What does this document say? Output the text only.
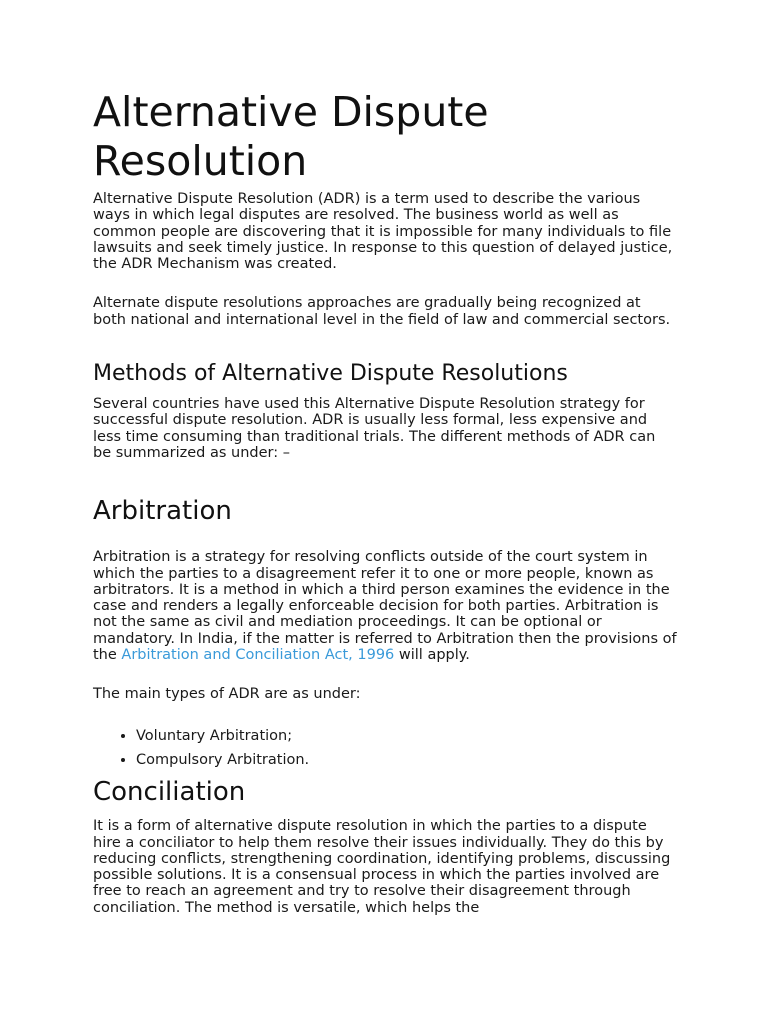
Alternative Dispute Resolution

Alternative Dispute Resolution (ADR) is a term used to describe the various ways in which legal disputes are resolved. The business world as well as common people are discovering that it is impossible for many individuals to file lawsuits and seek timely justice. In response to this question of delayed justice, the ADR Mechanism was created.

Alternate dispute resolutions approaches are gradually being recognized at both national and international level in the field of law and commercial sectors.

Methods of Alternative Dispute Resolutions

Several countries have used this Alternative Dispute Resolution strategy for successful dispute resolution. ADR is usually less formal, less expensive and less time consuming than traditional trials. The different methods of ADR can be summarized as under: –

Arbitration

Arbitration is a strategy for resolving conflicts outside of the court system in which the parties to a disagreement refer it to one or more people, known as arbitrators. It is a method in which a third person examines the evidence in the case and renders a legally enforceable decision for both parties. Arbitration is not the same as civil and mediation proceedings. It can be optional or mandatory. In India, if the matter is referred to Arbitration then the provisions of the Arbitration and Conciliation Act, 1996 will apply.

The main types of ADR are as under:

• Voluntary Arbitration;
• Compulsory Arbitration.
Conciliation

It is a form of alternative dispute resolution in which the parties to a dispute hire a conciliator to help them resolve their issues individually. They do this by reducing conflicts, strengthening coordination, identifying problems, discussing possible solutions. It is a consensual process in which the parties involved are free to reach an agreement and try to resolve their disagreement through conciliation. The method is versatile, which helps the
